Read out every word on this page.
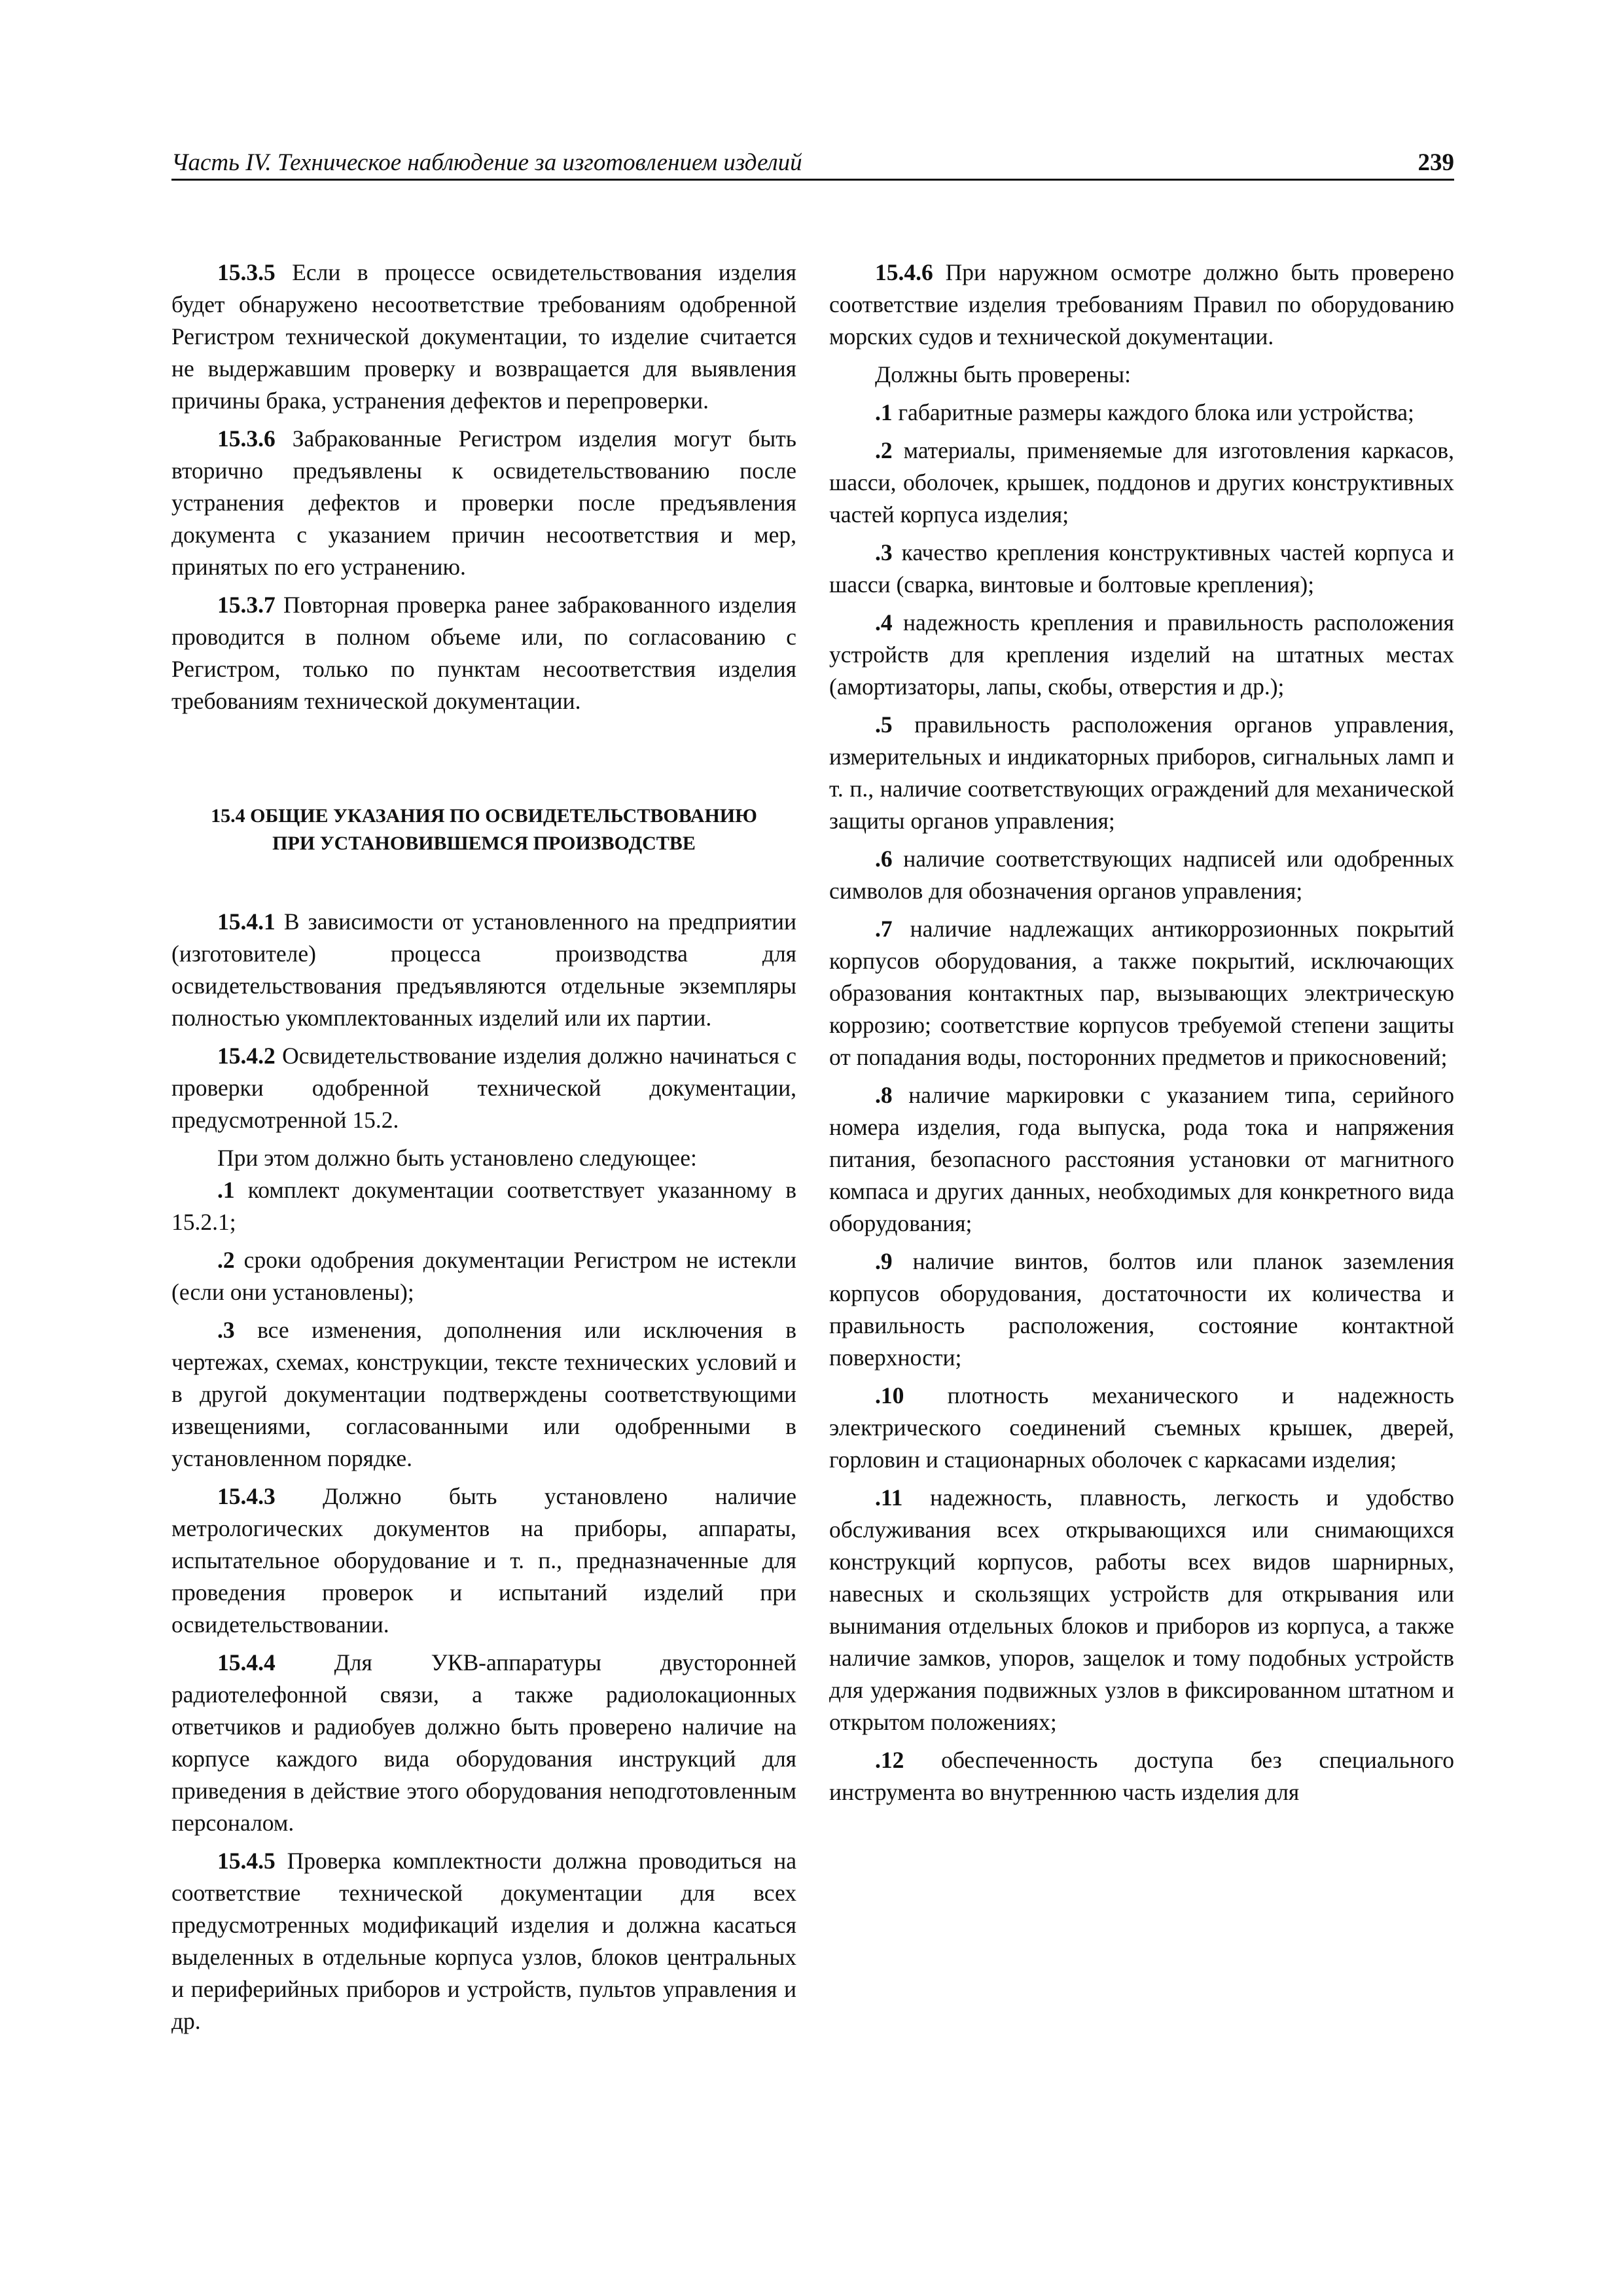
Часть IV. Техническое наблюдение за изготовлением изделий	239

15.3.5 Если в процессе освидетельствования изделия будет обнаружено несоответствие требованиям одобренной Регистром технической документации, то изделие считается не выдержавшим проверку и возвращается для выявления причины брака, устранения дефектов и перепроверки.

15.3.6 Забракованные Регистром изделия могут быть вторично предъявлены к освидетельствованию после устранения дефектов и проверки после предъявления документа с указанием причин несоответствия и мер, принятых по его устранению.

15.3.7 Повторная проверка ранее забракованного изделия проводится в полном объеме или, по согласованию с Регистром, только по пунктам несоответствия изделия требованиям технической документации.

15.4 ОБЩИЕ УКАЗАНИЯ ПО ОСВИДЕТЕЛЬСТВОВАНИЮ

ПРИ УСТАНОВИВШЕМСЯ ПРОИЗВОДСТВЕ

15.4.1 В зависимости от установленного на предприятии (изготовителе) процесса производства для освидетельствования предъявляются отдельные экземпляры полностью укомплектованных изделий или их партии.

15.4.2 Освидетельствование изделия должно начинаться с проверки одобренной технической документации, предусмотренной 15.2.

При этом должно быть установлено следующее:

.1 комплект документации соответствует указанному в 15.2.1;

.2 сроки одобрения документации Регистром не истекли (если они установлены);

.3 все изменения, дополнения или исключения в чертежах, схемах, конструкции, тексте технических условий и в другой документации подтверждены соответствующими извещениями, согласованными или одобренными в установленном порядке.

15.4.3 Должно быть установлено наличие метрологических документов на приборы, аппараты, испытательное оборудование и т. п., предназначенные для проведения проверок и испытаний изделий при освидетельствовании.

15.4.4 Для УКВ-аппаратуры двусторонней радиотелефонной связи, а также радиолокационных ответчиков и радиобуев должно быть проверено наличие на корпусе каждого вида оборудования инструкций для приведения в действие этого оборудования неподготовленным персоналом.

15.4.5 Проверка комплектности должна проводиться на соответствие технической документации для всех предусмотренных модификаций изделия и должна касаться выделенных в отдельные корпуса узлов, блоков центральных и периферийных приборов и устройств, пультов управления и др.

15.4.6 При наружном осмотре должно быть проверено соответствие изделия требованиям Правил по оборудованию морских судов и технической документации.

Должны быть проверены:

.1 габаритные размеры каждого блока или устройства;

.2 материалы, применяемые для изготовления каркасов, шасси, оболочек, крышек, поддонов и других конструктивных частей корпуса изделия;

.3 качество крепления конструктивных частей корпуса и шасси (сварка, винтовые и болтовые крепления);

.4 надежность крепления и правильность расположения устройств для крепления изделий на штатных местах (амортизаторы, лапы, скобы, отверстия и др.);

.5 правильность расположения органов управления, измерительных и индикаторных приборов, сигнальных ламп и т. п., наличие соответствующих ограждений для механической защиты органов управления;

.6 наличие соответствующих надписей или одобренных символов для обозначения органов управления;

.7 наличие надлежащих антикоррозионных покрытий корпусов оборудования, а также покрытий, исключающих образования контактных пар, вызывающих электрическую коррозию; соответствие корпусов требуемой степени защиты от попадания воды, посторонних предметов и прикосновений;

.8 наличие маркировки с указанием типа, серийного номера изделия, года выпуска, рода тока и напряжения питания, безопасного расстояния установки от магнитного компаса и других данных, необходимых для конкретного вида оборудования;

.9 наличие винтов, болтов или планок заземления корпусов оборудования, достаточности их количества и правильность расположения, состояние контактной поверхности;

.10 плотность механического и надежность электрического соединений съемных крышек, дверей, горловин и стационарных оболочек с каркасами изделия;

.11 надежность, плавность, легкость и удобство обслуживания всех открывающихся или снимающихся конструкций корпусов, работы всех видов шарнирных, навесных и скользящих устройств для открывания или вынимания отдельных блоков и приборов из корпуса, а также наличие замков, упоров, защелок и тому подобных устройств для удержания подвижных узлов в фиксированном штатном и открытом положениях;

.12 обеспеченность доступа без специального инструмента во внутреннюю часть изделия для
